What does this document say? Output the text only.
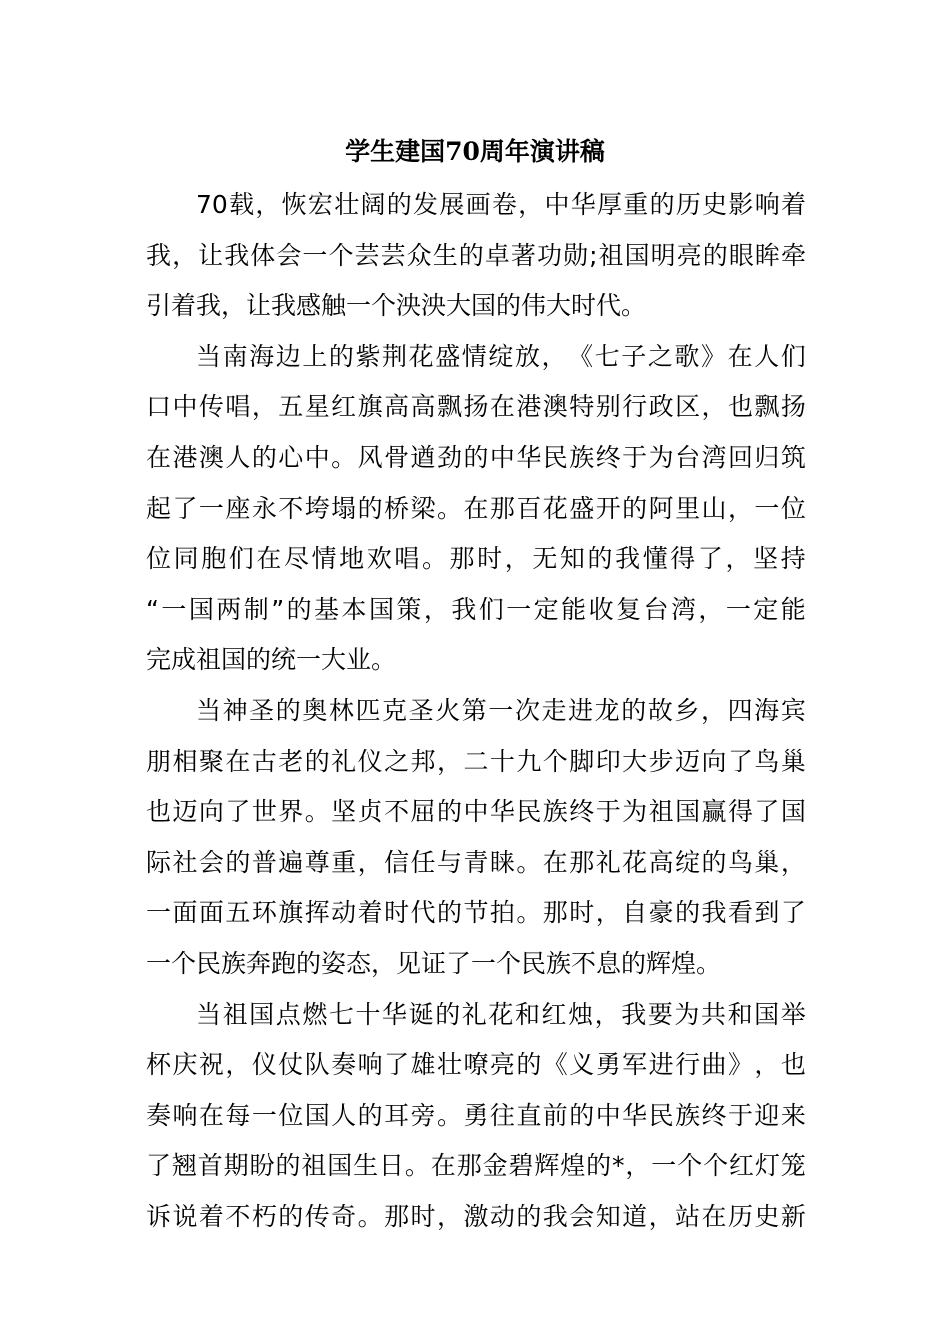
学生建国70周年演讲稿
70 载 ， 恢 宏 壮 阔 的 发 展 画 卷 ， 中 华 厚 重 的 历 史 影 响 着
我 ， 让 我 体 会 一 个 芸 芸 众 生 的 卓 著 功 勋 ; 祖 国 明 亮 的 眼 眸 牵
引着我，让我感触一个泱泱大国的伟大时代。
当 南 海 边 上 的 紫 荆 花 盛 情 绽 放 ， 《 七 子 之 歌 》 在 人 们
口 中 传 唱 ， 五 星 红 旗 高 高 飘 扬 在 港 澳 特 别 行 政 区 ， 也 飘 扬
在 港 澳 人 的 心 中 。 风 骨 遒 劲 的 中 华 民 族 终 于 为 台 湾 回 归 筑
起 了 一 座 永 不 垮 塌 的 桥 梁 。 在 那 百 花 盛 开 的 阿 里 山 ， 一 位
位 同 胞 们 在 尽 情 地 欢 唱 。 那 时 ， 无 知 的 我 懂 得 了 ， 坚 持
“ 一 国 两 制 ” 的 基 本 国 策 ， 我 们 一 定 能 收 复 台 湾 ， 一 定 能
完成祖国的统一大业。
当 神 圣 的 奥 林 匹 克 圣 火 第 一 次 走 进 龙 的 故 乡 ， 四 海 宾
朋 相 聚 在 古 老 的 礼 仪 之 邦 ， 二 十 九 个 脚 印 大 步 迈 向 了 鸟 巢
也 迈 向 了 世 界 。 坚 贞 不 屈 的 中 华 民 族 终 于 为 祖 国 赢 得 了 国
际 社 会 的 普 遍 尊 重 ， 信 任 与 青 睐 。 在 那 礼 花 高 绽 的 鸟 巢 ，
一 面 面 五 环 旗 挥 动 着 时 代 的 节 拍 。 那 时 ， 自 豪 的 我 看 到 了
一个民族奔跑的姿态，见证了一个民族不息的辉煌。
当 祖 国 点 燃 七 十 华 诞 的 礼 花 和 红 烛 ， 我 要 为 共 和 国 举
杯 庆 祝 ， 仪 仗 队 奏 响 了 雄 壮 嘹 亮 的 《 义 勇 军 进 行 曲 》 ， 也
奏 响 在 每 一 位 国 人 的 耳 旁 。 勇 往 直 前 的 中 华 民 族 终 于 迎 来
了 翘 首 期 盼 的 祖 国 生 日 。 在 那 金 碧 辉 煌 的 * ， 一 个 个 红 灯 笼
诉 说 着 不 朽 的 传 奇 。 那 时 ， 激 动 的 我 会 知 道 ， 站 在 历 史 新
